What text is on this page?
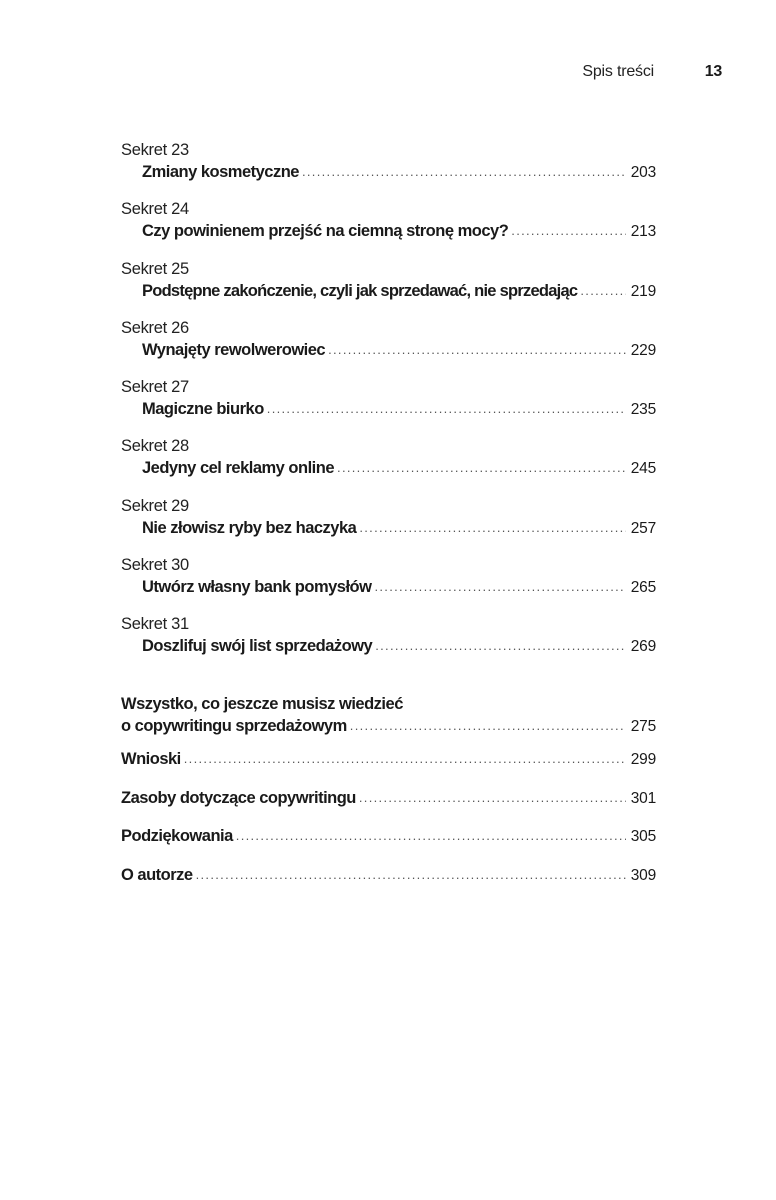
Spis treści	13
Sekret 23
Zmiany kosmetyczne .....	203
Sekret 24
Czy powinienem przejść na ciemną stronę mocy? .....	213
Sekret 25
Podstępne zakończenie, czyli jak sprzedawać, nie sprzedając .....	219
Sekret 26
Wynajęty rewolwerowiec .....	229
Sekret 27
Magiczne biurko .....	235
Sekret 28
Jedyny cel reklamy online .....	245
Sekret 29
Nie złowisz ryby bez haczyka .....	257
Sekret 30
Utwórz własny bank pomysłów .....	265
Sekret 31
Doszlifuj swój list sprzedażowy .....	269
Wszystko, co jeszcze musisz wiedzieć
o copywritingu sprzedażowym .....	275
Wnioski .....	299
Zasoby dotyczące copywritingu .....	301
Podziękowania .....	305
O autorze .....	309
